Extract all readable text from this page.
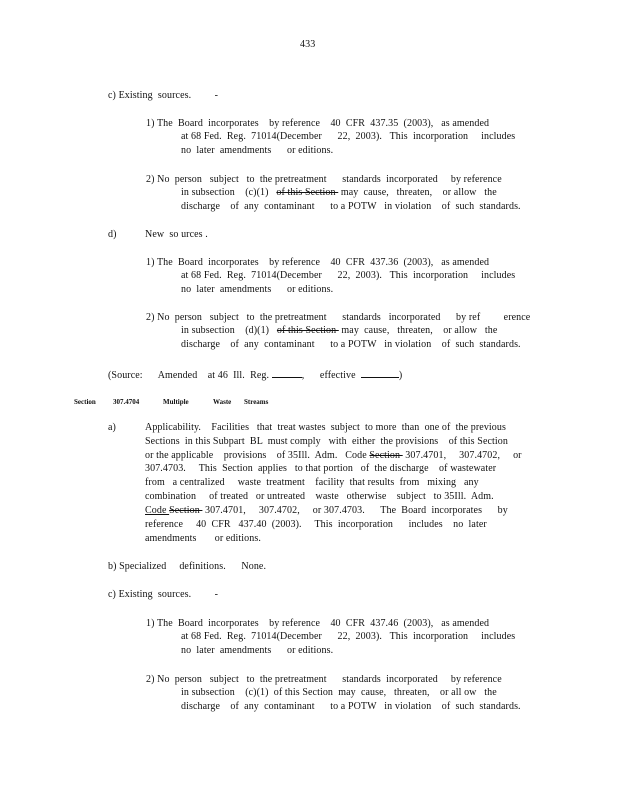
433
c) Existing  sources.         -
1) The  Board  incorporates    by reference    40  CFR  437.35  (2003),   as amended
at 68 Fed.  Reg.  71014(December      22,  2003).   This  incorporation     includes
no  later  amendments      or editions.
2) No  person   subject   to  the pretreatment      standards  incorporated     by reference
in subsection    (c)(1)   of this Section  may  cause,   threaten,    or allow   the
discharge    of  any  contaminant      to a POTW   in violation    of  such  standards.
d)	New  so urces .
1) The  Board  incorporates    by reference    40  CFR  437.36  (2003),   as amended
at 68 Fed.  Reg.  71014(December      22,  2003).   This  incorporation     includes
no  later  amendments      or editions.
2) No  person   subject   to  the pretreatment      standards   incorporated      by ref         erence
in subsection    (d)(1)   of this Section  may  cause,   threaten,    or allow   the
discharge    of  any  contaminant      to a POTW   in violation    of  such  standards.
(Source:      Amended    at 46  Ill.  Reg.	,      effective	)
Section 307.4704	Multiple	Waste Streams
a)	Applicability.    Facilities   that  treat wastes  subject  to more  than  one of  the previous
Sections  in this Subpart  BL  must comply   with  either  the provisions    of this Section
or the applicable    provisions    of 35Ill.  Adm.   Code Section  307.4701,     307.4702,     or
307.4703.     This  Section  applies   to that portion   of  the discharge    of wastewater
from   a centralized     waste  treatment    facility  that results  from   mixing   any
combination     of treated   or untreated    waste   otherwise    subject   to 35Ill.  Adm.
Code Section  307.4701,     307.4702,     or 307.4703.      The  Board  incorporates      by
reference     40  CFR   437.40  (2003).     This  incorporation      includes    no  later
amendments       or editions.
b) Specialized     definitions.      None.
c) Existing  sources.         -
1) The  Board  incorporates    by reference    40  CFR  437.46  (2003),   as amended
at 68 Fed.  Reg.  71014(December      22,  2003).   This  incorporation     includes
no  later  amendments      or editions.
2) No  person   subject   to  the pretreatment      standards  incorporated     by reference
in subsection    (c)(1)  of this Section  may  cause,   threaten,    or all ow   the
discharge    of  any  contaminant      to a POTW   in violation    of  such  standards.
